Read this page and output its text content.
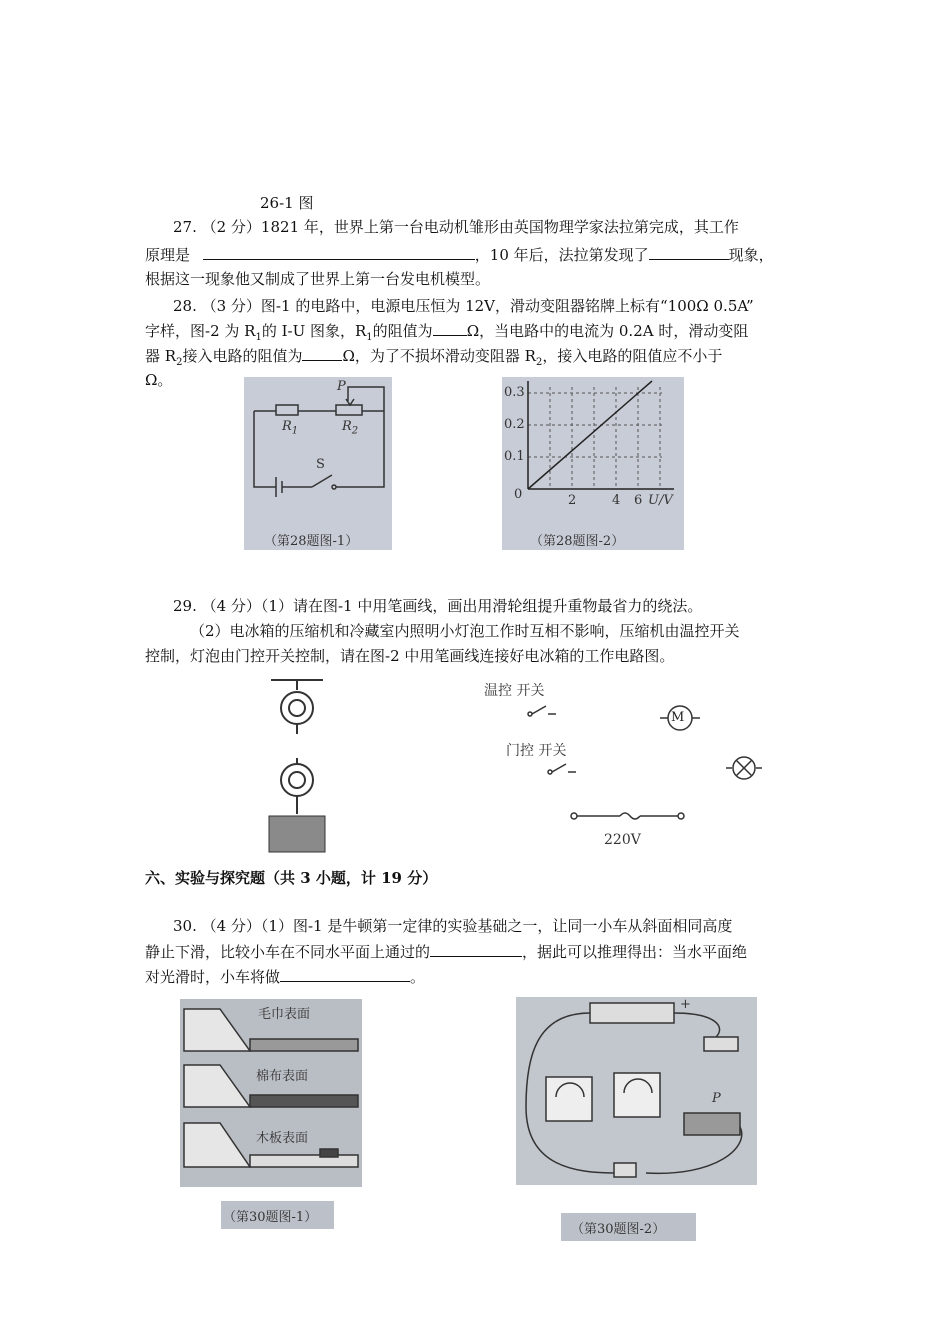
26-1 图
27. （2 分）1821 年，世界上第一台电动机雏形由英国物理学家法拉第完成，其工作
原理是	，10 年后，法拉第发现了	现象，
根据这一现象他又制成了世界上第一台发电机模型。
28. （3 分）图-1 的电路中，电源电压恒为 12V，滑动变阻器铭牌上标有“100Ω 0.5A”
字样，图-2 为 $R_1$的 I-U 图象，$R_1$的阻值为 Ω，当电路中的电流为 0.2A 时，滑动变阻
器 $R_2$接入电路的阻值为	Ω，为了不损坏滑动变阻器 $R_2$，接入电路的阻值应不小于
Ω。	P
$R_1$	$R_2$
S
（第28题图-1）
0.3
0.2
0.1
0	2	4 6 U/V
（第28题图-2）
29. （4 分）（1）请在图-1 中用笔画线，画出用滑轮组提升重物最省力的绕法。
（2）电冰箱的压缩机和冷藏室内照明小灯泡工作时互相不影响，压缩机由温控开关
控制，灯泡由门控开关控制，请在图-2 中用笔画线连接好电冰箱的工作电路图。
温控 开关
门控 开关
M
220V
六、实验与探究题（共 3 小题，计 19 分）
30. （4 分）（1）图-1 是牛顿第一定律的实验基础之一，让同一小车从斜面相同高度
静止下滑，比较小车在不同水平面上通过的	，据此可以推理得出：当水平面绝
对光滑时，小车将做	。
毛巾表面
棉布表面
木板表面
（第30题图-1）
P
+
（第30题图-2）
